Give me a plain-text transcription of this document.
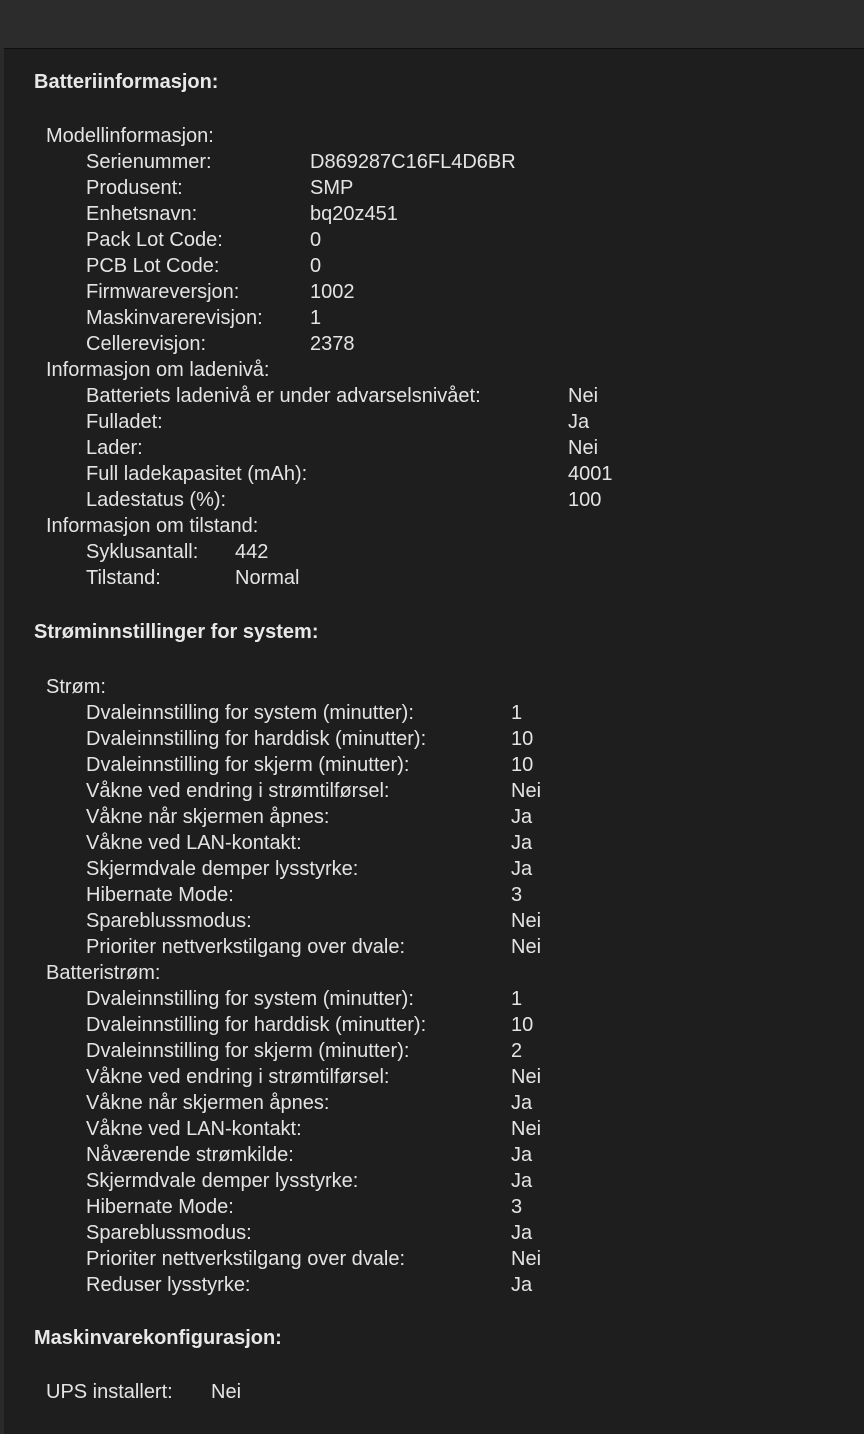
Batteriinformasjon:
Modellinformasjon:
Serienummer:	D869287C16FL4D6BR
Produsent:	SMP
Enhetsnavn:	bq20z451
Pack Lot Code:	0
PCB Lot Code:	0
Firmwareversjon:	1002
Maskinvarerevisjon: 1
Cellerevisjon:	2378
Informasjon om ladenivå:
Batteriets ladenivå er under advarselsnivået:	Nei
Fulladet:	Ja
Lader:	Nei
Full ladekapasitet (mAh):	4001
Ladestatus (%):	100
Informasjon om tilstand:
Syklusantall: 442
Tilstand:	Normal
Strøminnstillinger for system:
Strøm:
Dvaleinnstilling for system (minutter):	1
Dvaleinnstilling for harddisk (minutter):	10
Dvaleinnstilling for skjerm (minutter):	10
Våkne ved endring i strømtilførsel:	Nei
Våkne når skjermen åpnes:	Ja
Våkne ved LAN-kontakt:	Ja
Skjermdvale demper lysstyrke:	Ja
Hibernate Mode:	3
Spareblussmodus:	Nei
Prioriter nettverkstilgang over dvale:	Nei
Batteristrøm:
Dvaleinnstilling for system (minutter):	1
Dvaleinnstilling for harddisk (minutter):	10
Dvaleinnstilling for skjerm (minutter):	2
Våkne ved endring i strømtilførsel:	Nei
Våkne når skjermen åpnes:	Ja
Våkne ved LAN-kontakt:	Nei
Nåværende strømkilde:	Ja
Skjermdvale demper lysstyrke:	Ja
Hibernate Mode:	3
Spareblussmodus:	Ja
Prioriter nettverkstilgang over dvale:	Nei
Reduser lysstyrke:	Ja
Maskinvarekonfigurasjon:
UPS installert: Nei
